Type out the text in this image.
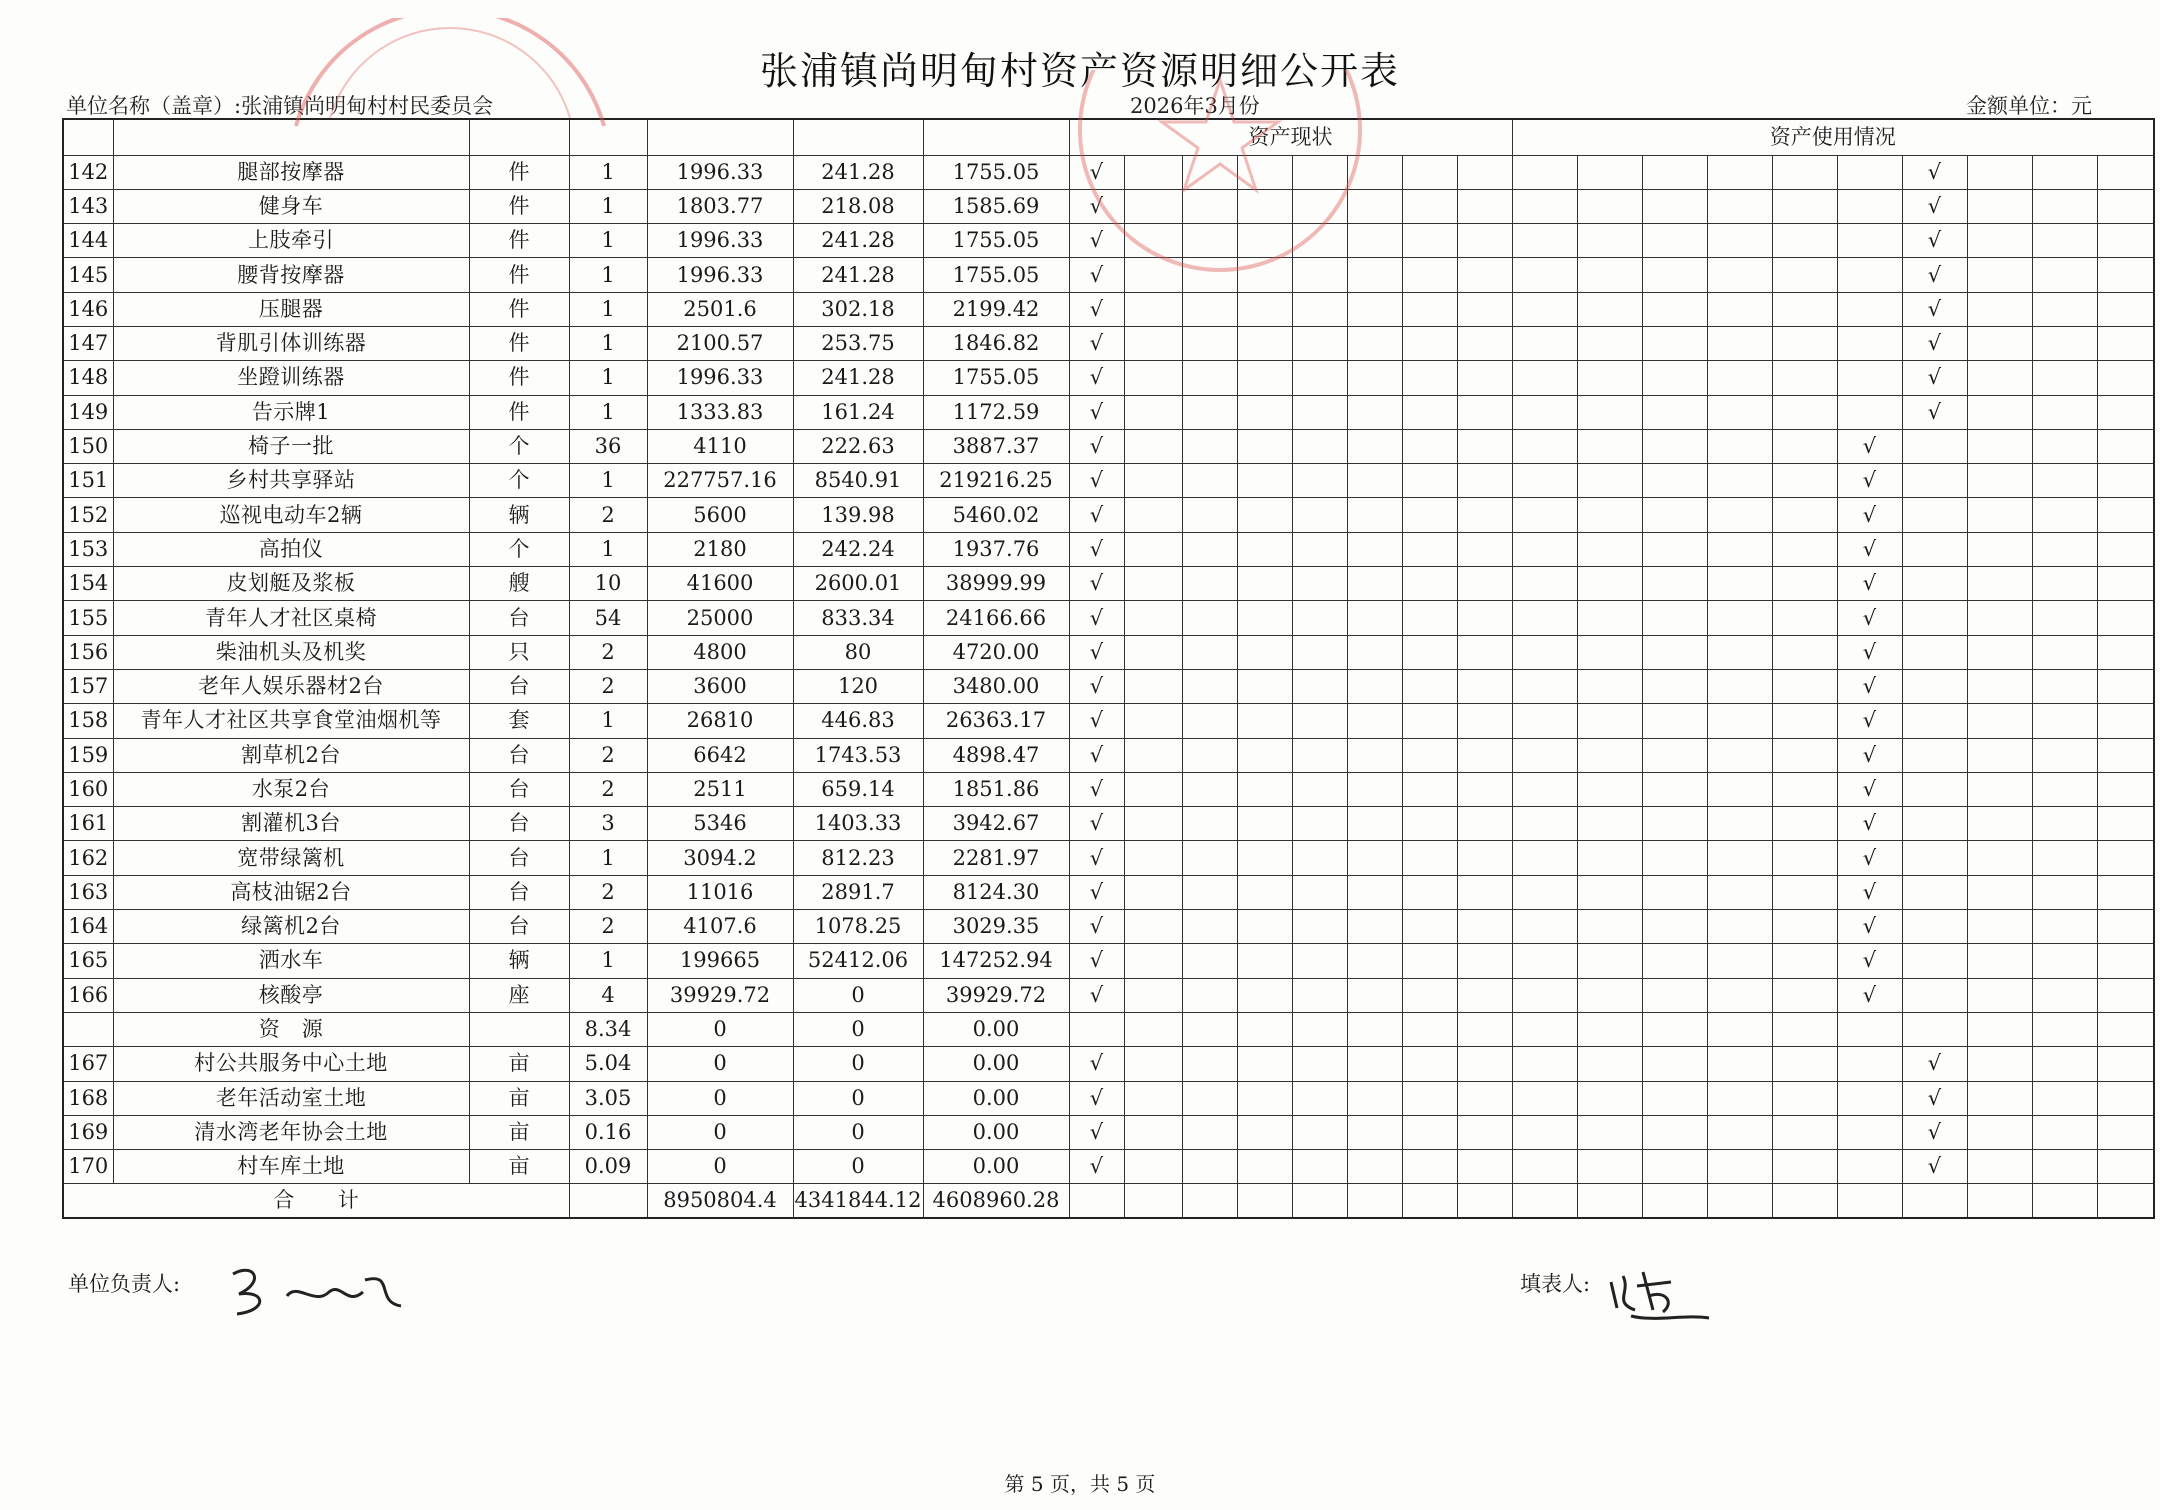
张浦镇尚明甸村资产资源明细公开表
单位名称（盖章）:张浦镇尚明甸村村民委员会	2026年3月份	金额单位：元
							资产现状								资产使用情况									
142	腿部按摩器	件	1	1996.33	241.28	1755.05	√														√			
143	健身车	件	1	1803.77	218.08	1585.69	√														√			
144	上肢牵引	件	1	1996.33	241.28	1755.05	√														√			
145	腰背按摩器	件	1	1996.33	241.28	1755.05	√														√			
146	压腿器	件	1	2501.6	302.18	2199.42	√														√			
147	背肌引体训练器	件	1	2100.57	253.75	1846.82	√														√			
148	坐蹬训练器	件	1	1996.33	241.28	1755.05	√														√			
149	告示牌1	件	1	1333.83	161.24	1172.59	√														√			
150	椅子一批	个	36	4110	222.63	3887.37	√													√				
151	乡村共享驿站	个	1	227757.16	8540.91	219216.25	√													√				
152	巡视电动车2辆	辆	2	5600	139.98	5460.02	√													√				
153	高拍仪	个	1	2180	242.24	1937.76	√													√				
154	皮划艇及浆板	艘	10	41600	2600.01	38999.99	√													√				
155	青年人才社区桌椅	台	54	25000	833.34	24166.66	√													√				
156	柴油机头及机奖	只	2	4800	80	4720.00	√													√				
157	老年人娱乐器材2台	台	2	3600	120	3480.00	√													√				
158	青年人才社区共享食堂油烟机等	套	1	26810	446.83	26363.17	√													√				
159	割草机2台	台	2	6642	1743.53	4898.47	√													√				
160	水泵2台	台	2	2511	659.14	1851.86	√													√				
161	割灌机3台	台	3	5346	1403.33	3942.67	√													√				
162	宽带绿篱机	台	1	3094.2	812.23	2281.97	√													√				
163	高枝油锯2台	台	2	11016	2891.7	8124.30	√													√				
164	绿篱机2台	台	2	4107.6	1078.25	3029.35	√													√				
165	洒水车	辆	1	199665	52412.06	147252.94	√													√				
166	核酸亭	座	4	39929.72	0	39929.72	√													√				
	资　源		8.34	0	0	0.00																		
167	村公共服务中心土地	亩	5.04	0	0	0.00	√														√			
168	老年活动室土地	亩	3.05	0	0	0.00	√														√			
169	清水湾老年协会土地	亩	0.16	0	0	0.00	√														√			
170	村车库土地	亩	0.09	0	0	0.00	√														√			
合　　计				8950804.4	4341844.12	4608960.28																		
单位负责人:	填表人:
第 5 页，共 5 页
